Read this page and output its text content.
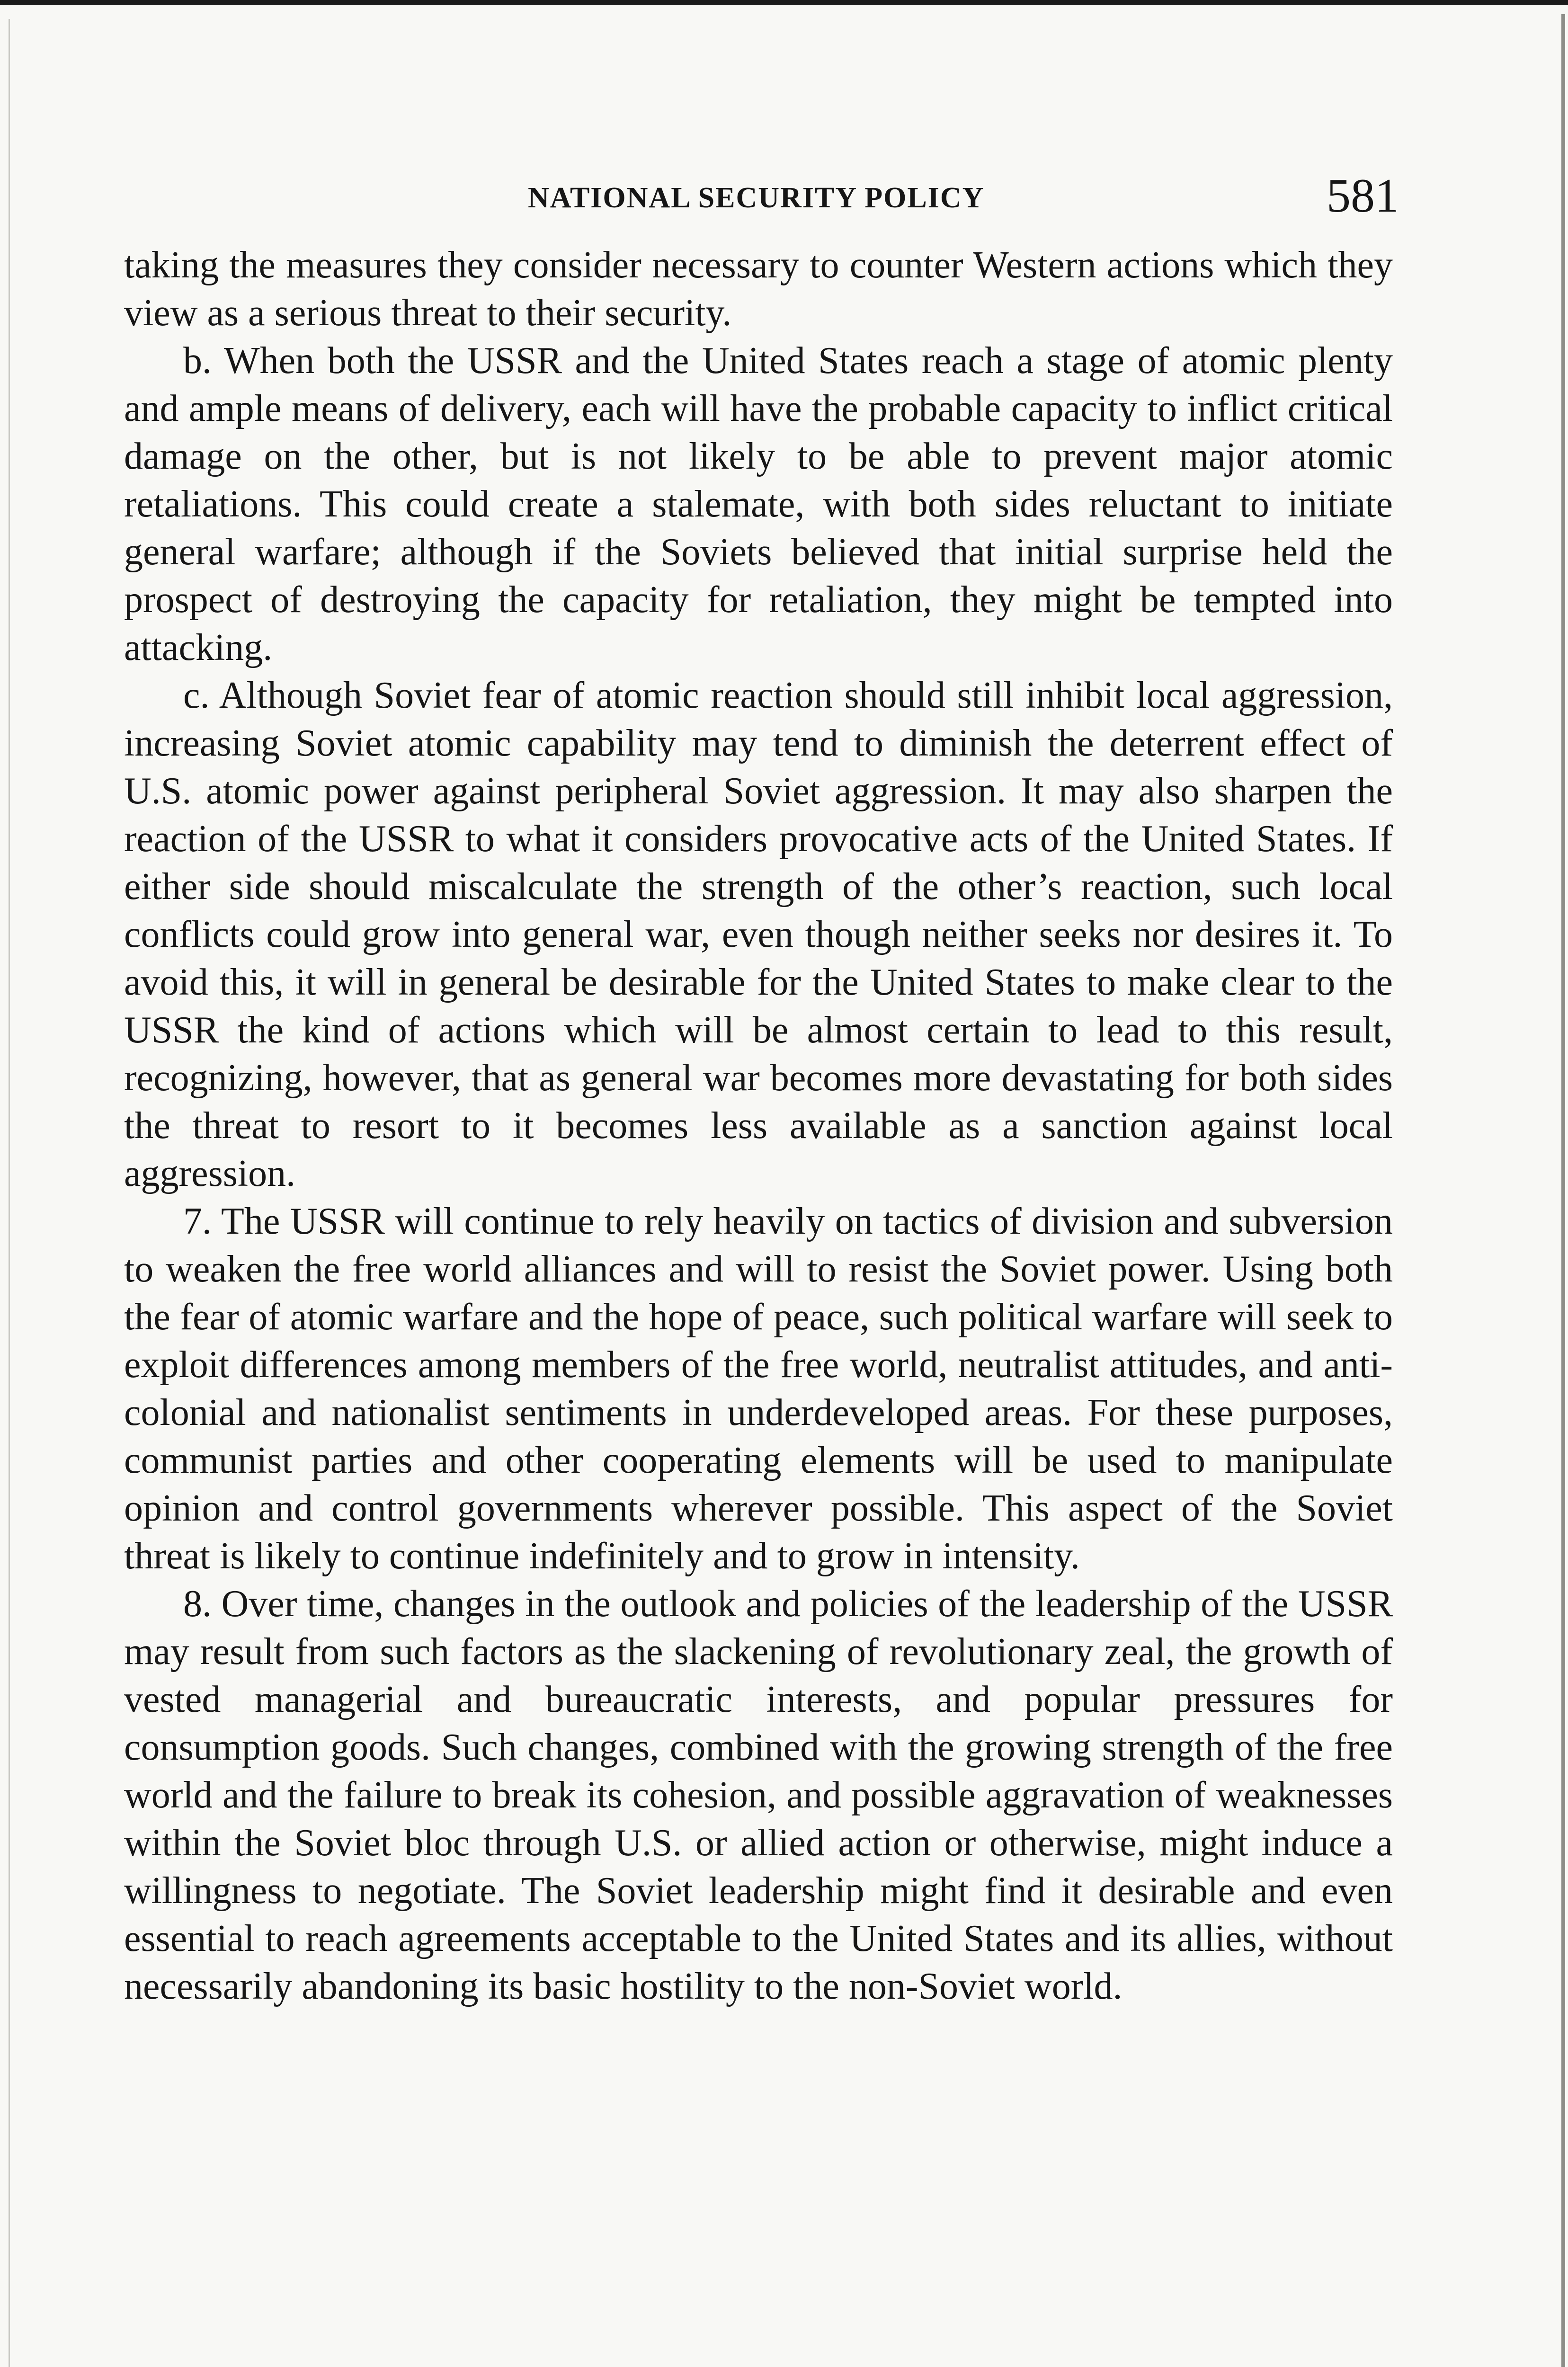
NATIONAL SECURITY POLICY	581

taking the measures they consider necessary to counter Western actions which they view as a serious threat to their security.

b. When both the USSR and the United States reach a stage of atomic plenty and ample means of delivery, each will have the probable capacity to inflict critical damage on the other, but is not likely to be able to prevent major atomic retaliations. This could create a stalemate, with both sides reluctant to initiate general warfare; although if the Soviets believed that initial surprise held the prospect of destroying the capacity for retaliation, they might be tempted into attacking.

c. Although Soviet fear of atomic reaction should still inhibit local aggression, increasing Soviet atomic capability may tend to diminish the deterrent effect of U.S. atomic power against peripheral Soviet aggression. It may also sharpen the reaction of the USSR to what it considers provocative acts of the United States. If either side should miscalculate the strength of the other’s reaction, such local conflicts could grow into general war, even though neither seeks nor desires it. To avoid this, it will in general be desirable for the United States to make clear to the USSR the kind of actions which will be almost certain to lead to this result, recognizing, however, that as general war becomes more devastating for both sides the threat to resort to it becomes less available as a sanction against local aggression.

7. The USSR will continue to rely heavily on tactics of division and subversion to weaken the free world alliances and will to resist the Soviet power. Using both the fear of atomic warfare and the hope of peace, such political warfare will seek to exploit differences among members of the free world, neutralist attitudes, and anti-colonial and nationalist sentiments in underdeveloped areas. For these purposes, communist parties and other cooperating elements will be used to manipulate opinion and control governments wherever possible. This aspect of the Soviet threat is likely to continue indefinitely and to grow in intensity.

8. Over time, changes in the outlook and policies of the leadership of the USSR may result from such factors as the slackening of revolutionary zeal, the growth of vested managerial and bureaucratic interests, and popular pressures for consumption goods. Such changes, combined with the growing strength of the free world and the failure to break its cohesion, and possible aggravation of weaknesses within the Soviet bloc through U.S. or allied action or otherwise, might induce a willingness to negotiate. The Soviet leadership might find it desirable and even essential to reach agreements acceptable to the United States and its allies, without necessarily abandoning its basic hostility to the non-Soviet world.
